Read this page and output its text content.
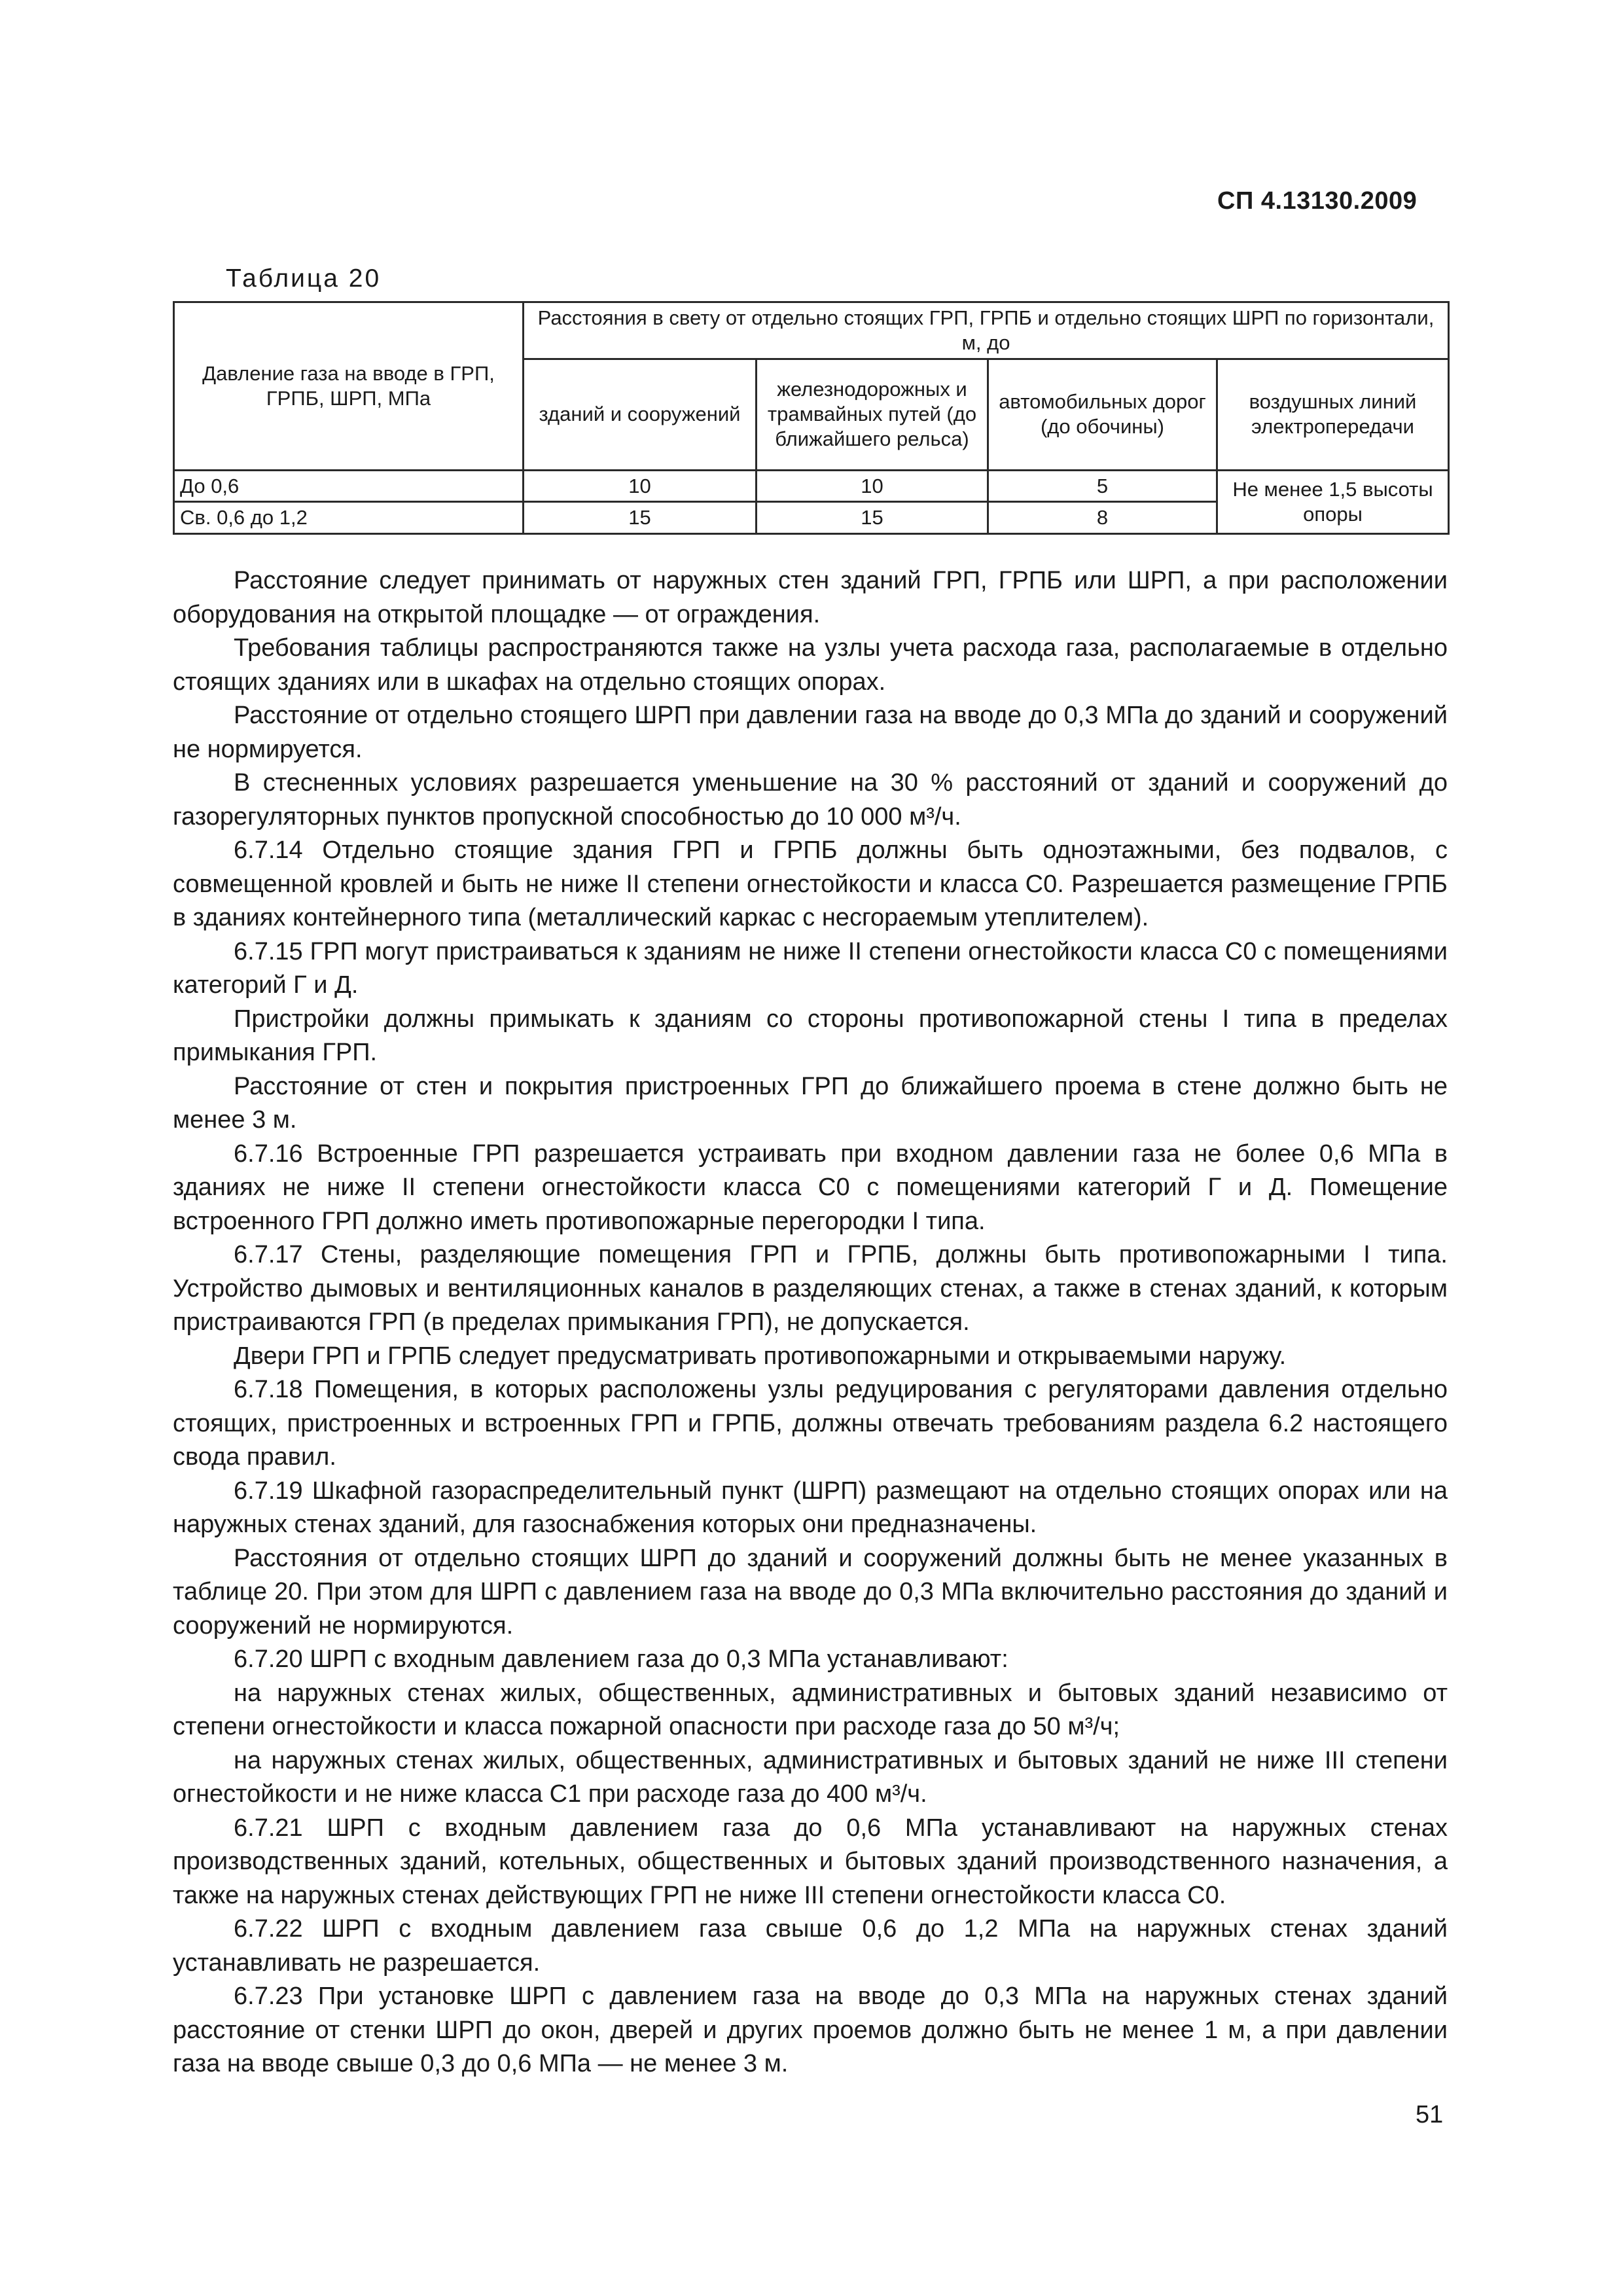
СП 4.13130.2009
Таблица 20
Давление газа на вводе в ГРП, ГРПБ, ШРП, МПа	Расстояния в свету от отдельно стоящих ГРП, ГРПБ и отдельно стоящих ШРП по горизонтали, м, до			
	зданий и сооружений	железнодорожных и трамвайных путей (до ближайшего рельса)	автомобильных дорог (до обочины)	воздушных линий электропередачи
До 0,6	10	10	5	Не менее 1,5 высоты опоры
Св. 0,6 до 1,2	15	15	8	

Расстояние следует принимать от наружных стен зданий ГРП, ГРПБ или ШРП, а при расположении оборудования на открытой площадке — от ограждения.

Требования таблицы распространяются также на узлы учета расхода газа, располагаемые в отдельно стоящих зданиях или в шкафах на отдельно стоящих опорах.

Расстояние от отдельно стоящего ШРП при давлении газа на вводе до 0,3 МПа до зданий и сооружений не нормируется.

В стесненных условиях разрешается уменьшение на 30 % расстояний от зданий и сооружений до газорегуляторных пунктов пропускной способностью до 10 000 м³/ч.

6.7.14 Отдельно стоящие здания ГРП и ГРПБ должны быть одноэтажными, без подвалов, с совмещенной кровлей и быть не ниже II степени огнестойкости и класса С0. Разрешается размещение ГРПБ в зданиях контейнерного типа (металлический каркас с несгораемым утеплителем).

6.7.15 ГРП могут пристраиваться к зданиям не ниже II степени огнестойкости класса С0 с помещениями категорий Г и Д.

Пристройки должны примыкать к зданиям со стороны противопожарной стены I типа в пределах примыкания ГРП.

Расстояние от стен и покрытия пристроенных ГРП до ближайшего проема в стене должно быть не менее 3 м.

6.7.16 Встроенные ГРП разрешается устраивать при входном давлении газа не более 0,6 МПа в зданиях не ниже II степени огнестойкости класса С0 с помещениями категорий Г и Д. Помещение встроенного ГРП должно иметь противопожарные перегородки I типа.

6.7.17 Стены, разделяющие помещения ГРП и ГРПБ, должны быть противопожарными I типа. Устройство дымовых и вентиляционных каналов в разделяющих стенах, а также в стенах зданий, к которым пристраиваются ГРП (в пределах примыкания ГРП), не допускается.

Двери ГРП и ГРПБ следует предусматривать противопожарными и открываемыми наружу.

6.7.18 Помещения, в которых расположены узлы редуцирования с регуляторами давления отдельно стоящих, пристроенных и встроенных ГРП и ГРПБ, должны отвечать требованиям раздела 6.2 настоящего свода правил.

6.7.19 Шкафной газораспределительный пункт (ШРП) размещают на отдельно стоящих опорах или на наружных стенах зданий, для газоснабжения которых они предназначены.

Расстояния от отдельно стоящих ШРП до зданий и сооружений должны быть не менее указанных в таблице 20. При этом для ШРП с давлением газа на вводе до 0,3 МПа включительно расстояния до зданий и сооружений не нормируются.

6.7.20 ШРП с входным давлением газа до 0,3 МПа устанавливают:

на наружных стенах жилых, общественных, административных и бытовых зданий независимо от степени огнестойкости и класса пожарной опасности при расходе газа до 50 м³/ч;

на наружных стенах жилых, общественных, административных и бытовых зданий не ниже III степени огнестойкости и не ниже класса С1 при расходе газа до 400 м³/ч.

6.7.21 ШРП с входным давлением газа до 0,6 МПа устанавливают на наружных стенах производственных зданий, котельных, общественных и бытовых зданий производственного назначения, а также на наружных стенах действующих ГРП не ниже III степени огнестойкости класса С0.

6.7.22 ШРП с входным давлением газа свыше 0,6 до 1,2 МПа на наружных стенах зданий устанавливать не разрешается.

6.7.23 При установке ШРП с давлением газа на вводе до 0,3 МПа на наружных стенах зданий расстояние от стенки ШРП до окон, дверей и других проемов должно быть не менее 1 м, а при давлении газа на вводе свыше 0,3 до 0,6 МПа — не менее 3 м.

51
